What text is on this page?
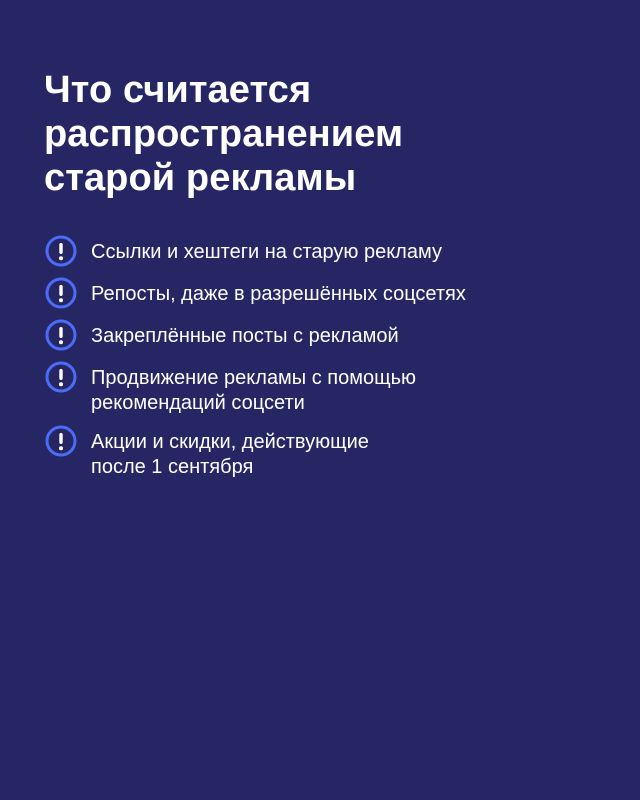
Что считается
распространением
старой рекламы
Ссылки и хештеги на старую рекламу
Репосты, даже в разрешённых соцсетях
Закреплённые посты с рекламой
Продвижение рекламы с помощью
рекомендаций соцсети
Акции и скидки, действующие
после 1 сентября
